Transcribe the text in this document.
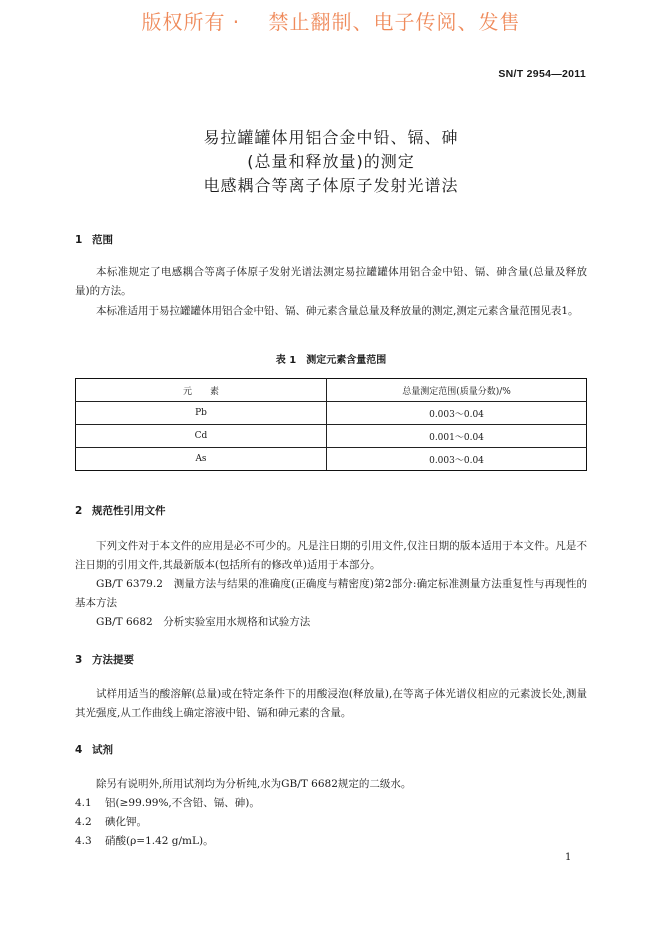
版权所有 ·　 禁止翻制、电子传阅、发售
SN/T 2954—2011
易拉罐罐体用铝合金中铅、镉、砷
(总量和释放量)的测定
电感耦合等离子体原子发射光谱法
1 范围
本标准规定了电感耦合等离子体原子发射光谱法测定易拉罐罐体用铝合金中铅、镉、砷含量(总量及释放量)的方法。
本标准适用于易拉罐罐体用铝合金中铅、镉、砷元素含量总量及释放量的测定,测定元素含量范围见表1。
表 1　测定元素含量范围
元　　素	总量测定范围(质量分数)/%
Pb	0.003～0.04
Cd	0.001～0.04
As	0.003～0.04
2 规范性引用文件
下列文件对于本文件的应用是必不可少的。凡是注日期的引用文件,仅注日期的版本适用于本文件。凡是不注日期的引用文件,其最新版本(包括所有的修改单)适用于本部分。
GB/T 6379.2　测量方法与结果的准确度(正确度与精密度)第2部分:确定标准测量方法重复性与再现性的基本方法
GB/T 6682　分析实验室用水规格和试验方法
3 方法提要
试样用适当的酸溶解(总量)或在特定条件下的用酸浸泡(释放量),在等离子体光谱仪相应的元素波长处,测量其光强度,从工作曲线上确定溶液中铅、镉和砷元素的含量。
4 试剂
除另有说明外,所用试剂均为分析纯,水为GB/T 6682规定的二级水。
4.1 铝(≥99.99%,不含铅、镉、砷)。
4.2 碘化钾。
4.3 硝酸(ρ=1.42 g/mL)。
1
